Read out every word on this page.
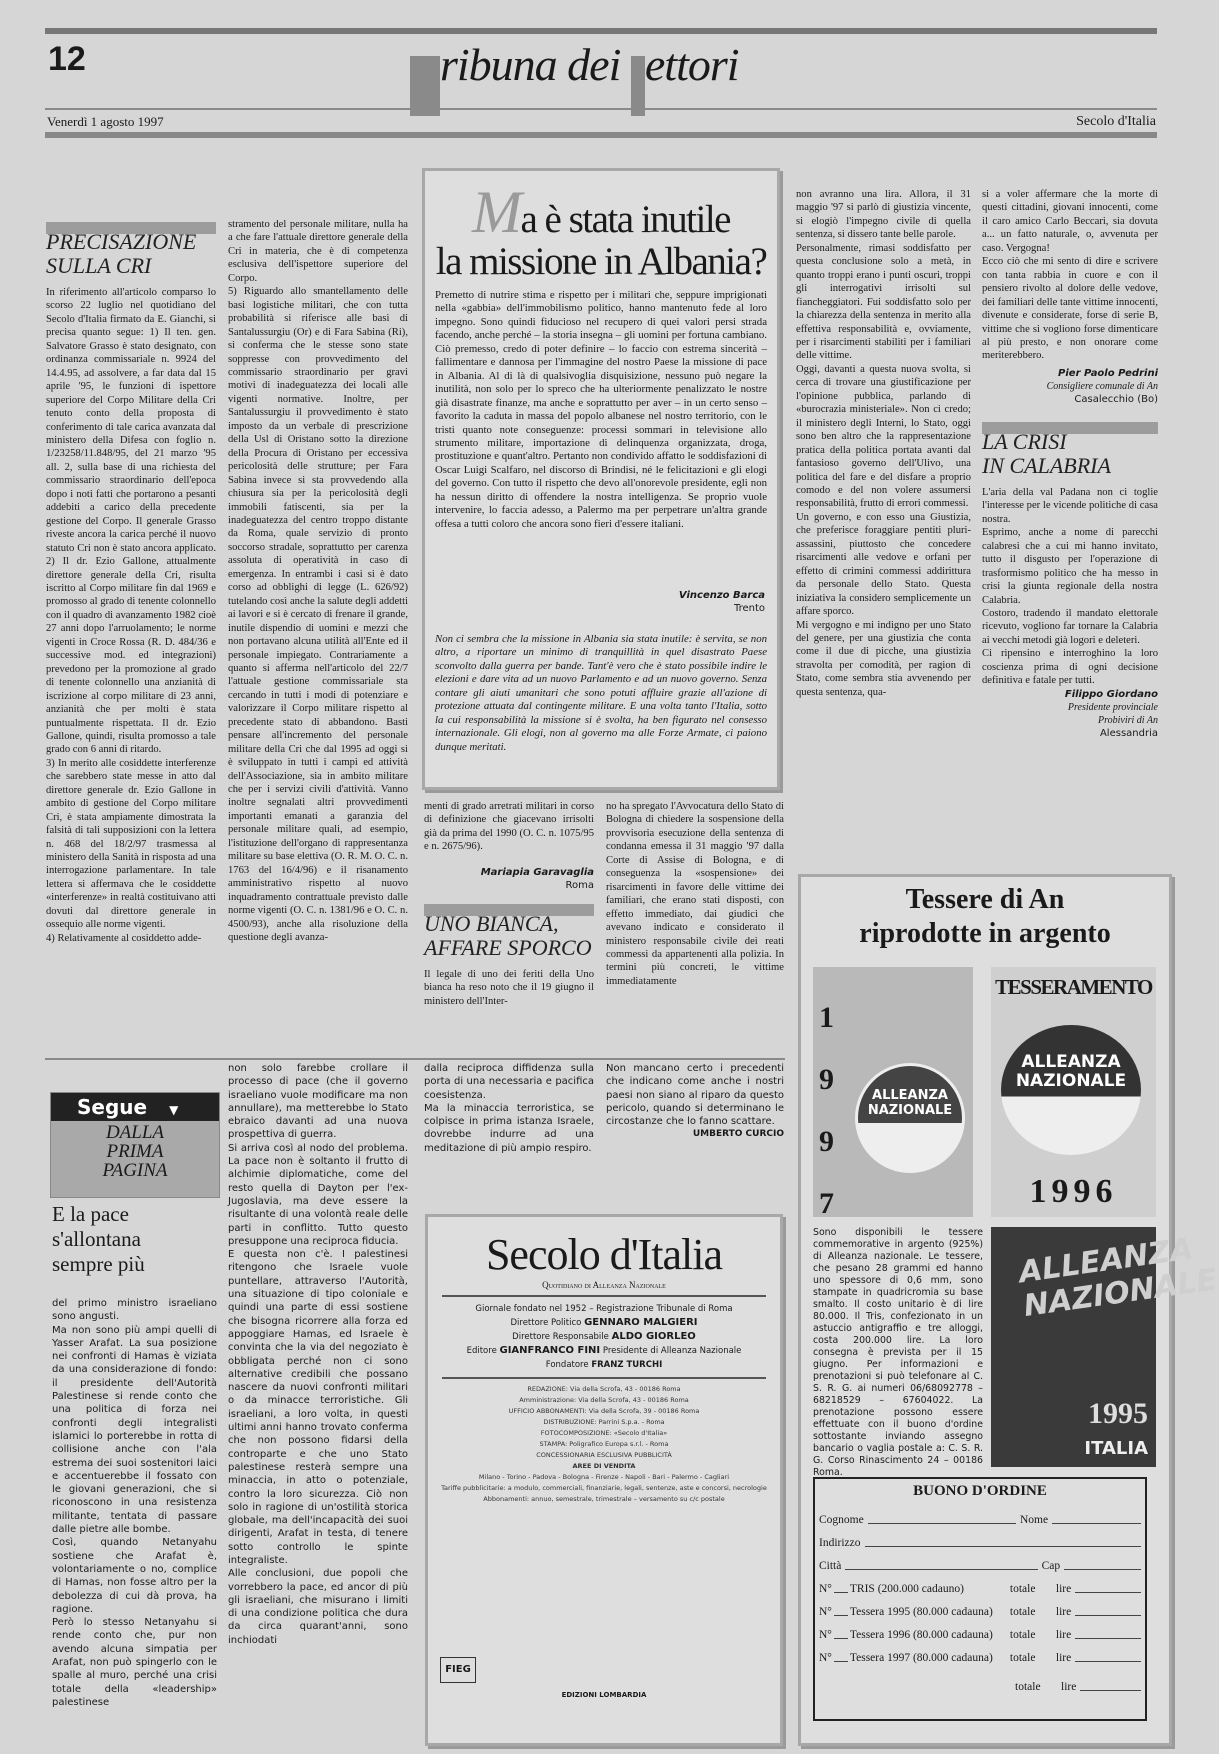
12	ribuna dei ettori
Venerdì 1 agosto 1997	Secolo d'Italia
PRECISAZIONE
SULLA CRI

In riferimento all'articolo comparso lo scorso 22 luglio nel quotidiano del Secolo d'Italia firmato da E. Gianchi, si precisa quanto segue: 1) Il ten. gen. Salvatore Grasso è stato designato, con ordinanza commissariale n. 9924 del 14.4.95, ad assolvere, a far data dal 15 aprile '95, le funzioni di ispettore superiore del Corpo Militare della Cri tenuto conto della proposta di conferimento di tale carica avanzata dal ministero della Difesa con foglio n. 1/23258/11.848/95, del 21 marzo '95 all. 2, sulla base di una richiesta del commissario straordinario dell'epoca dopo i noti fatti che portarono a pesanti addebiti a carico della precedente gestione del Corpo. Il generale Grasso riveste ancora la carica perché il nuovo statuto Cri non è stato ancora applicato. 2) Il dr. Ezio Gallone, attualmente direttore generale della Cri, risulta iscritto al Corpo militare fin dal 1969 e promosso al grado di tenente colonnello con il quadro di avanzamento 1982 cioè 27 anni dopo l'arruolamento; le norme vigenti in Croce Rossa (R. D. 484/36 e successive mod. ed integrazioni) prevedono per la promozione al grado di tenente colonnello una anzianità di iscrizione al corpo militare di 23 anni, anzianità che per molti è stata puntualmente rispettata. Il dr. Ezio Gallone, quindi, risulta promosso a tale grado con 6 anni di ritardo.

3) In merito alle cosiddette interferenze che sarebbero state messe in atto dal direttore generale dr. Ezio Gallone in ambito di gestione del Corpo militare Cri, è stata ampiamente dimostrata la falsità di tali supposizioni con la lettera n. 468 del 18/2/97 trasmessa al ministero della Sanità in risposta ad una interrogazione parlamentare. In tale lettera si affermava che le cosiddette «interferenze» in realtà costituivano atti dovuti dal direttore generale in ossequio alle norme vigenti.

4) Relativamente al cosiddetto adde-

stramento del personale militare, nulla ha a che fare l'attuale direttore generale della Cri in materia, che è di competenza esclusiva dell'ispettore superiore del Corpo.

5) Riguardo allo smantellamento delle basi logistiche militari, che con tutta probabilità si riferisce alle basi di Santalussurgiu (Or) e di Fara Sabina (Ri), si conferma che le stesse sono state soppresse con provvedimento del commissario straordinario per gravi motivi di inadeguatezza dei locali alle vigenti normative. Inoltre, per Santalussurgiu il provvedimento è stato imposto da un verbale di prescrizione della Usl di Oristano sotto la direzione della Procura di Oristano per eccessiva pericolosità delle strutture; per Fara Sabina invece si sta provvedendo alla chiusura sia per la pericolosità degli immobili fatiscenti, sia per la inadeguatezza del centro troppo distante da Roma, quale servizio di pronto soccorso stradale, soprattutto per carenza assoluta di operatività in caso di emergenza. In entrambi i casi si è dato corso ad obblighi di legge (L. 626/92) tutelando così anche la salute degli addetti ai lavori e si è cercato di frenare il grande, inutile dispendio di uomini e mezzi che non portavano alcuna utilità all'Ente ed il personale impiegato. Contrariamente a quanto si afferma nell'articolo del 22/7 l'attuale gestione commissariale sta cercando in tutti i modi di potenziare e valorizzare il Corpo militare rispetto al precedente stato di abbandono. Basti pensare all'incremento del personale militare della Cri che dal 1995 ad oggi si è sviluppato in tutti i campi ed attività dell'Associazione, sia in ambito militare che per i servizi civili d'attività. Vanno inoltre segnalati altri provvedimenti importanti emanati a garanzia del personale militare quali, ad esempio, l'istituzione dell'organo di rappresentanza militare su base elettiva (O. R. M. O. C. n. 1763 del 16/4/96) e il risanamento amministrativo rispetto al nuovo inquadramento contrattuale previsto dalle norme vigenti (O. C. n. 1381/96 e O. C. n. 4500/93), anche alla risoluzione della questione degli avanza-

Ma è stata inutile
la missione in Albania?
Premetto di nutrire stima e rispetto per i militari che, seppure imprigionati nella «gabbia» dell'immobilismo politico, hanno mantenuto fede al loro impegno. Sono quindi fiducioso nel recupero di quei valori persi strada facendo, anche perché – la storia insegna – gli uomini per fortuna cambiano. Ciò premesso, credo di poter definire – lo faccio con estrema sincerità – fallimentare e dannosa per l'immagine del nostro Paese la missione di pace in Albania. Al di là di qualsivoglia disquisizione, nessuno può negare la inutilità, non solo per lo spreco che ha ulteriormente penalizzato le nostre già disastrate finanze, ma anche e soprattutto per aver – in un certo senso – favorito la caduta in massa del popolo albanese nel nostro territorio, con le tristi quanto note conseguenze: processi sommari in televisione allo strumento militare, importazione di delinquenza organizzata, droga, prostituzione e quant'altro. Pertanto non condivido affatto le soddisfazioni di Oscar Luigi Scalfaro, nel discorso di Brindisi, né le felicitazioni e gli elogi del governo. Con tutto il rispetto che devo all'onorevole presidente, egli non ha nessun diritto di offendere la nostra intelligenza. Se proprio vuole intervenire, lo faccia adesso, a Palermo ma per perpetrare un'altra grande offesa a tutti coloro che ancora sono fieri d'essere italiani.
Vincenzo Barca
Trento
Non ci sembra che la missione in Albania sia stata inutile: è servita, se non altro, a riportare un minimo di tranquillità in quel disastrato Paese sconvolto dalla guerra per bande. Tant'è vero che è stato possibile indire le elezioni e dare vita ad un nuovo Parlamento e ad un nuovo governo. Senza contare gli aiuti umanitari che sono potuti affluire grazie all'azione di protezione attuata dal contingente militare. E una volta tanto l'Italia, sotto la cui responsabilità la missione si è svolta, ha ben figurato nel consesso internazionale. Gli elogi, non al governo ma alle Forze Armate, ci paiono dunque meritati.

menti di grado arretrati militari in corso di definizione che giacevano irrisolti già da prima del 1990 (O. C. n. 1075/95 e n. 2675/96).

Mariapia Garavaglia
Roma
UNO BIANCA,
AFFARE SPORCO

Il legale di uno dei feriti della Uno bianca ha reso noto che il 19 giugno il ministero dell'Inter-

no ha spregato l'Avvocatura dello Stato di Bologna di chiedere la sospensione della provvisoria esecuzione della sentenza di condanna emessa il 31 maggio '97 dalla Corte di Assise di Bologna, e di conseguenza la «sospensione» dei risarcimenti in favore delle vittime dei familiari, che erano stati disposti, con effetto immediato, dai giudici che avevano indicato e considerato il ministero responsabile civile dei reati commessi da appartenenti alla polizia. In termini più concreti, le vittime immediatamente

non avranno una lira. Allora, il 31 maggio '97 si parlò di giustizia vincente, si elogiò l'impegno civile di quella sentenza, si dissero tante belle parole.

Personalmente, rimasi soddisfatto per questa conclusione solo a metà, in quanto troppi erano i punti oscuri, troppi gli interrogativi irrisolti sul fiancheggiatori. Fui soddisfatto solo per la chiarezza della sentenza in merito alla effettiva responsabilità e, ovviamente, per i risarcimenti stabiliti per i familiari delle vittime.

Oggi, davanti a questa nuova svolta, si cerca di trovare una giustificazione per l'opinione pubblica, parlando di «burocrazia ministeriale». Non ci credo; il ministero degli Interni, lo Stato, oggi sono ben altro che la rappresentazione pratica della politica portata avanti dal fantasioso governo dell'Ulivo, una politica del fare e del disfare a proprio comodo e del non volere assumersi responsabilità, frutto di errori commessi.

Un governo, e con esso una Giustizia, che preferisce foraggiare pentiti pluri-assassini, piuttosto che concedere risarcimenti alle vedove e orfani per effetto di crimini commessi addirittura da personale dello Stato. Questa iniziativa la considero semplicemente un affare sporco.

Mi vergogno e mi indigno per uno Stato del genere, per una giustizia che conta come il due di picche, una giustizia stravolta per comodità, per ragion di Stato, come sembra stia avvenendo per questa sentenza, qua-

si a voler affermare che la morte di questi cittadini, giovani innocenti, come il caro amico Carlo Beccari, sia dovuta a... un fatto naturale, o, avvenuta per caso. Vergogna!

Ecco ciò che mi sento di dire e scrivere con tanta rabbia in cuore e con il pensiero rivolto al dolore delle vedove, dei familiari delle tante vittime innocenti, divenute e considerate, forse di serie B, vittime che si vogliono forse dimenticare al più presto, e non onorare come meriterebbero.

Pier Paolo Pedrini
Consigliere comunale di An
Casalecchio (Bo)
LA CRISI
IN CALABRIA

L'aria della val Padana non ci toglie l'interesse per le vicende politiche di casa nostra.

Esprimo, anche a nome di parecchi calabresi che a cui mi hanno invitato, tutto il disgusto per l'operazione di trasformismo politico che ha messo in crisi la giunta regionale della nostra Calabria.

Costoro, tradendo il mandato elettorale ricevuto, vogliono far tornare la Calabria ai vecchi metodi già logori e deleteri.

Ci ripensino e interroghino la loro coscienza prima di ogni decisione definitiva e fatale per tutti.

Filippo Giordano
Presidente provinciale
Probiviri di An
Alessandria
Segue ▼
DALLA
PRIMA
PAGINA
E la pace
s'allontana
sempre più

del primo ministro israeliano sono angusti.

Ma non sono più ampi quelli di Yasser Arafat. La sua posizione nei confronti di Hamas è viziata da una considerazione di fondo: il presidente dell'Autorità Palestinese si rende conto che una politica di forza nei confronti degli integralisti islamici lo porterebbe in rotta di collisione anche con l'ala estrema dei suoi sostenitori laici e accentuerebbe il fossato con le giovani generazioni, che si riconoscono in una resistenza militante, tentata di passare dalle pietre alle bombe.

Così, quando Netanyahu sostiene che Arafat è, volontariamente o no, complice di Hamas, non fosse altro per la debolezza di cui dà prova, ha ragione.

Però lo stesso Netanyahu si rende conto che, pur non avendo alcuna simpatia per Arafat, non può spingerlo con le spalle al muro, perché una crisi totale della «leadership» palestinese

non solo farebbe crollare il processo di pace (che il governo israeliano vuole modificare ma non annullare), ma metterebbe lo Stato ebraico davanti ad una nuova prospettiva di guerra.

Si arriva così al nodo del problema. La pace non è soltanto il frutto di alchimie diplomatiche, come del resto quella di Dayton per l'ex-Jugoslavia, ma deve essere la risultante di una volontà reale delle parti in conflitto. Tutto questo presuppone una reciproca fiducia.

E questa non c'è. I palestinesi ritengono che Israele vuole puntellare, attraverso l'Autorità, una situazione di tipo coloniale e quindi una parte di essi sostiene che bisogna ricorrere alla forza ed appoggiare Hamas, ed Israele è convinta che la via del negoziato è obbligata perché non ci sono alternative credibili che possano nascere da nuovi confronti militari o da minacce terroristiche. Gli israeliani, a loro volta, in questi ultimi anni hanno trovato conferma che non possono fidarsi della controparte e che uno Stato palestinese resterà sempre una minaccia, in atto o potenziale, contro la loro sicurezza. Ciò non solo in ragione di un'ostilità storica globale, ma dell'incapacità dei suoi dirigenti, Arafat in testa, di tenere sotto controllo le spinte integraliste.

Alle conclusioni, due popoli che vorrebbero la pace, ed ancor di più gli israeliani, che misurano i limiti di una condizione politica che dura da circa quarant'anni, sono inchiodati

dalla reciproca diffidenza sulla porta di una necessaria e pacifica coesistenza.

Ma la minaccia terroristica, se colpisce in prima istanza Israele, dovrebbe indurre ad una meditazione di più ampio respiro.

Non mancano certo i precedenti che indicano come anche i nostri paesi non siano al riparo da questo pericolo, quando si determinano le circostanze che lo fanno scattare.

UMBERTO CURCIO
Secolo d'Italia
Quotidiano di Alleanza Nazionale
Giornale fondato nel 1952 – Registrazione Tribunale di Roma
Direttore Politico GENNARO MALGIERI
Direttore Responsabile ALDO GIORLEO
Editore GIANFRANCO FINI Presidente di Alleanza Nazionale
Fondatore FRANZ TURCHI
REDAZIONE: Via della Scrofa, 43 - 00186 Roma
Amministrazione: Via della Scrofa, 43 - 00186 Roma
UFFICIO ABBONAMENTI: Via della Scrofa, 39 - 00186 Roma
DISTRIBUZIONE: Parrini S.p.a. - Roma
FOTOCOMPOSIZIONE: «Secolo d'Italia»
STAMPA: Poligrafico Europa s.r.l. - Roma
CONCESSIONARIA ESCLUSIVA PUBBLICITÀ
AREE DI VENDITA
Milano - Torino - Padova - Bologna - Firenze - Napoli - Bari - Palermo - Cagliari
Tariffe pubblicitarie: a modulo, commerciali, finanziarie, legali, sentenze, aste e concorsi, necrologie
Abbonamenti: annuo, semestrale, trimestrale – versamento su c/c postale
FIEG
EDIZIONI LOMBARDIA
Tessere di An
riprodotte in argento
1
9
9
7
ALLEANZA
NAZIONALE
TESSERAMENTO
ALLEANZA
NAZIONALE
1996
Sono disponibili le tessere commemorative in argento (925%) di Alleanza nazionale. Le tessere, che pesano 28 grammi ed hanno uno spessore di 0,6 mm, sono stampate in quadricromia su base smalto. Il costo unitario è di lire 80.000. Il Tris, confezionato in un astuccio antigraffio e tre alloggi, costa 200.000 lire. La loro consegna è prevista per il 15 giugno. Per informazioni e prenotazioni si può telefonare al C. S. R. G. ai numeri 06/68092778 – 68218529 – 67604022. La prenotazione possono essere effettuate con il buono d'ordine sottostante inviando assegno bancario o vaglia postale a: C. S. R. G. Corso Rinascimento 24 – 00186 Roma.
ALLEANZA NAZIONALE
1995
ITALIA
BUONO D'ORDINE
Cognome	Nome
Indirizzo
Città	Cap
N° TRIS (200.000 cadauno)	totale	lire
N° Tessera 1995 (80.000 cadauna)	totale	lire
N° Tessera 1996 (80.000 cadauna)	totale	lire
N° Tessera 1997 (80.000 cadauna)	totale	lire
totale	lire
